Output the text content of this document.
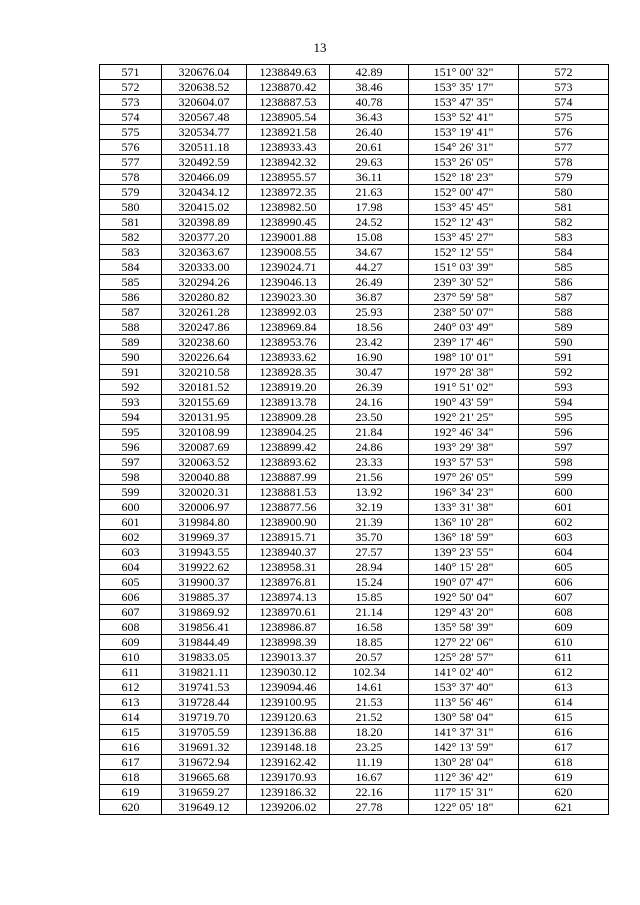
13
571	320676.04	1238849.63	42.89	151° 00' 32"	572
572	320638.52	1238870.42	38.46	153° 35' 17"	573
573	320604.07	1238887.53	40.78	153° 47' 35"	574
574	320567.48	1238905.54	36.43	153° 52' 41"	575
575	320534.77	1238921.58	26.40	153° 19' 41"	576
576	320511.18	1238933.43	20.61	154° 26' 31"	577
577	320492.59	1238942.32	29.63	153° 26' 05"	578
578	320466.09	1238955.57	36.11	152° 18' 23"	579
579	320434.12	1238972.35	21.63	152° 00' 47"	580
580	320415.02	1238982.50	17.98	153° 45' 45"	581
581	320398.89	1238990.45	24.52	152° 12' 43"	582
582	320377.20	1239001.88	15.08	153° 45' 27"	583
583	320363.67	1239008.55	34.67	152° 12' 55"	584
584	320333.00	1239024.71	44.27	151° 03' 39"	585
585	320294.26	1239046.13	26.49	239° 30' 52"	586
586	320280.82	1239023.30	36.87	237° 59' 58"	587
587	320261.28	1238992.03	25.93	238° 50' 07"	588
588	320247.86	1238969.84	18.56	240° 03' 49"	589
589	320238.60	1238953.76	23.42	239° 17' 46"	590
590	320226.64	1238933.62	16.90	198° 10' 01"	591
591	320210.58	1238928.35	30.47	197° 28' 38"	592
592	320181.52	1238919.20	26.39	191° 51' 02"	593
593	320155.69	1238913.78	24.16	190° 43' 59"	594
594	320131.95	1238909.28	23.50	192° 21' 25"	595
595	320108.99	1238904.25	21.84	192° 46' 34"	596
596	320087.69	1238899.42	24.86	193° 29' 38"	597
597	320063.52	1238893.62	23.33	193° 57' 53"	598
598	320040.88	1238887.99	21.56	197° 26' 05"	599
599	320020.31	1238881.53	13.92	196° 34' 23"	600
600	320006.97	1238877.56	32.19	133° 31' 38"	601
601	319984.80	1238900.90	21.39	136° 10' 28"	602
602	319969.37	1238915.71	35.70	136° 18' 59"	603
603	319943.55	1238940.37	27.57	139° 23' 55"	604
604	319922.62	1238958.31	28.94	140° 15' 28"	605
605	319900.37	1238976.81	15.24	190° 07' 47"	606
606	319885.37	1238974.13	15.85	192° 50' 04"	607
607	319869.92	1238970.61	21.14	129° 43' 20"	608
608	319856.41	1238986.87	16.58	135° 58' 39"	609
609	319844.49	1238998.39	18.85	127° 22' 06"	610
610	319833.05	1239013.37	20.57	125° 28' 57"	611
611	319821.11	1239030.12	102.34	141° 02' 40"	612
612	319741.53	1239094.46	14.61	153° 37' 40"	613
613	319728.44	1239100.95	21.53	113° 56' 46"	614
614	319719.70	1239120.63	21.52	130° 58' 04"	615
615	319705.59	1239136.88	18.20	141° 37' 31"	616
616	319691.32	1239148.18	23.25	142° 13' 59"	617
617	319672.94	1239162.42	11.19	130° 28' 04"	618
618	319665.68	1239170.93	16.67	112° 36' 42"	619
619	319659.27	1239186.32	22.16	117° 15' 31"	620
620	319649.12	1239206.02	27.78	122° 05' 18"	621
